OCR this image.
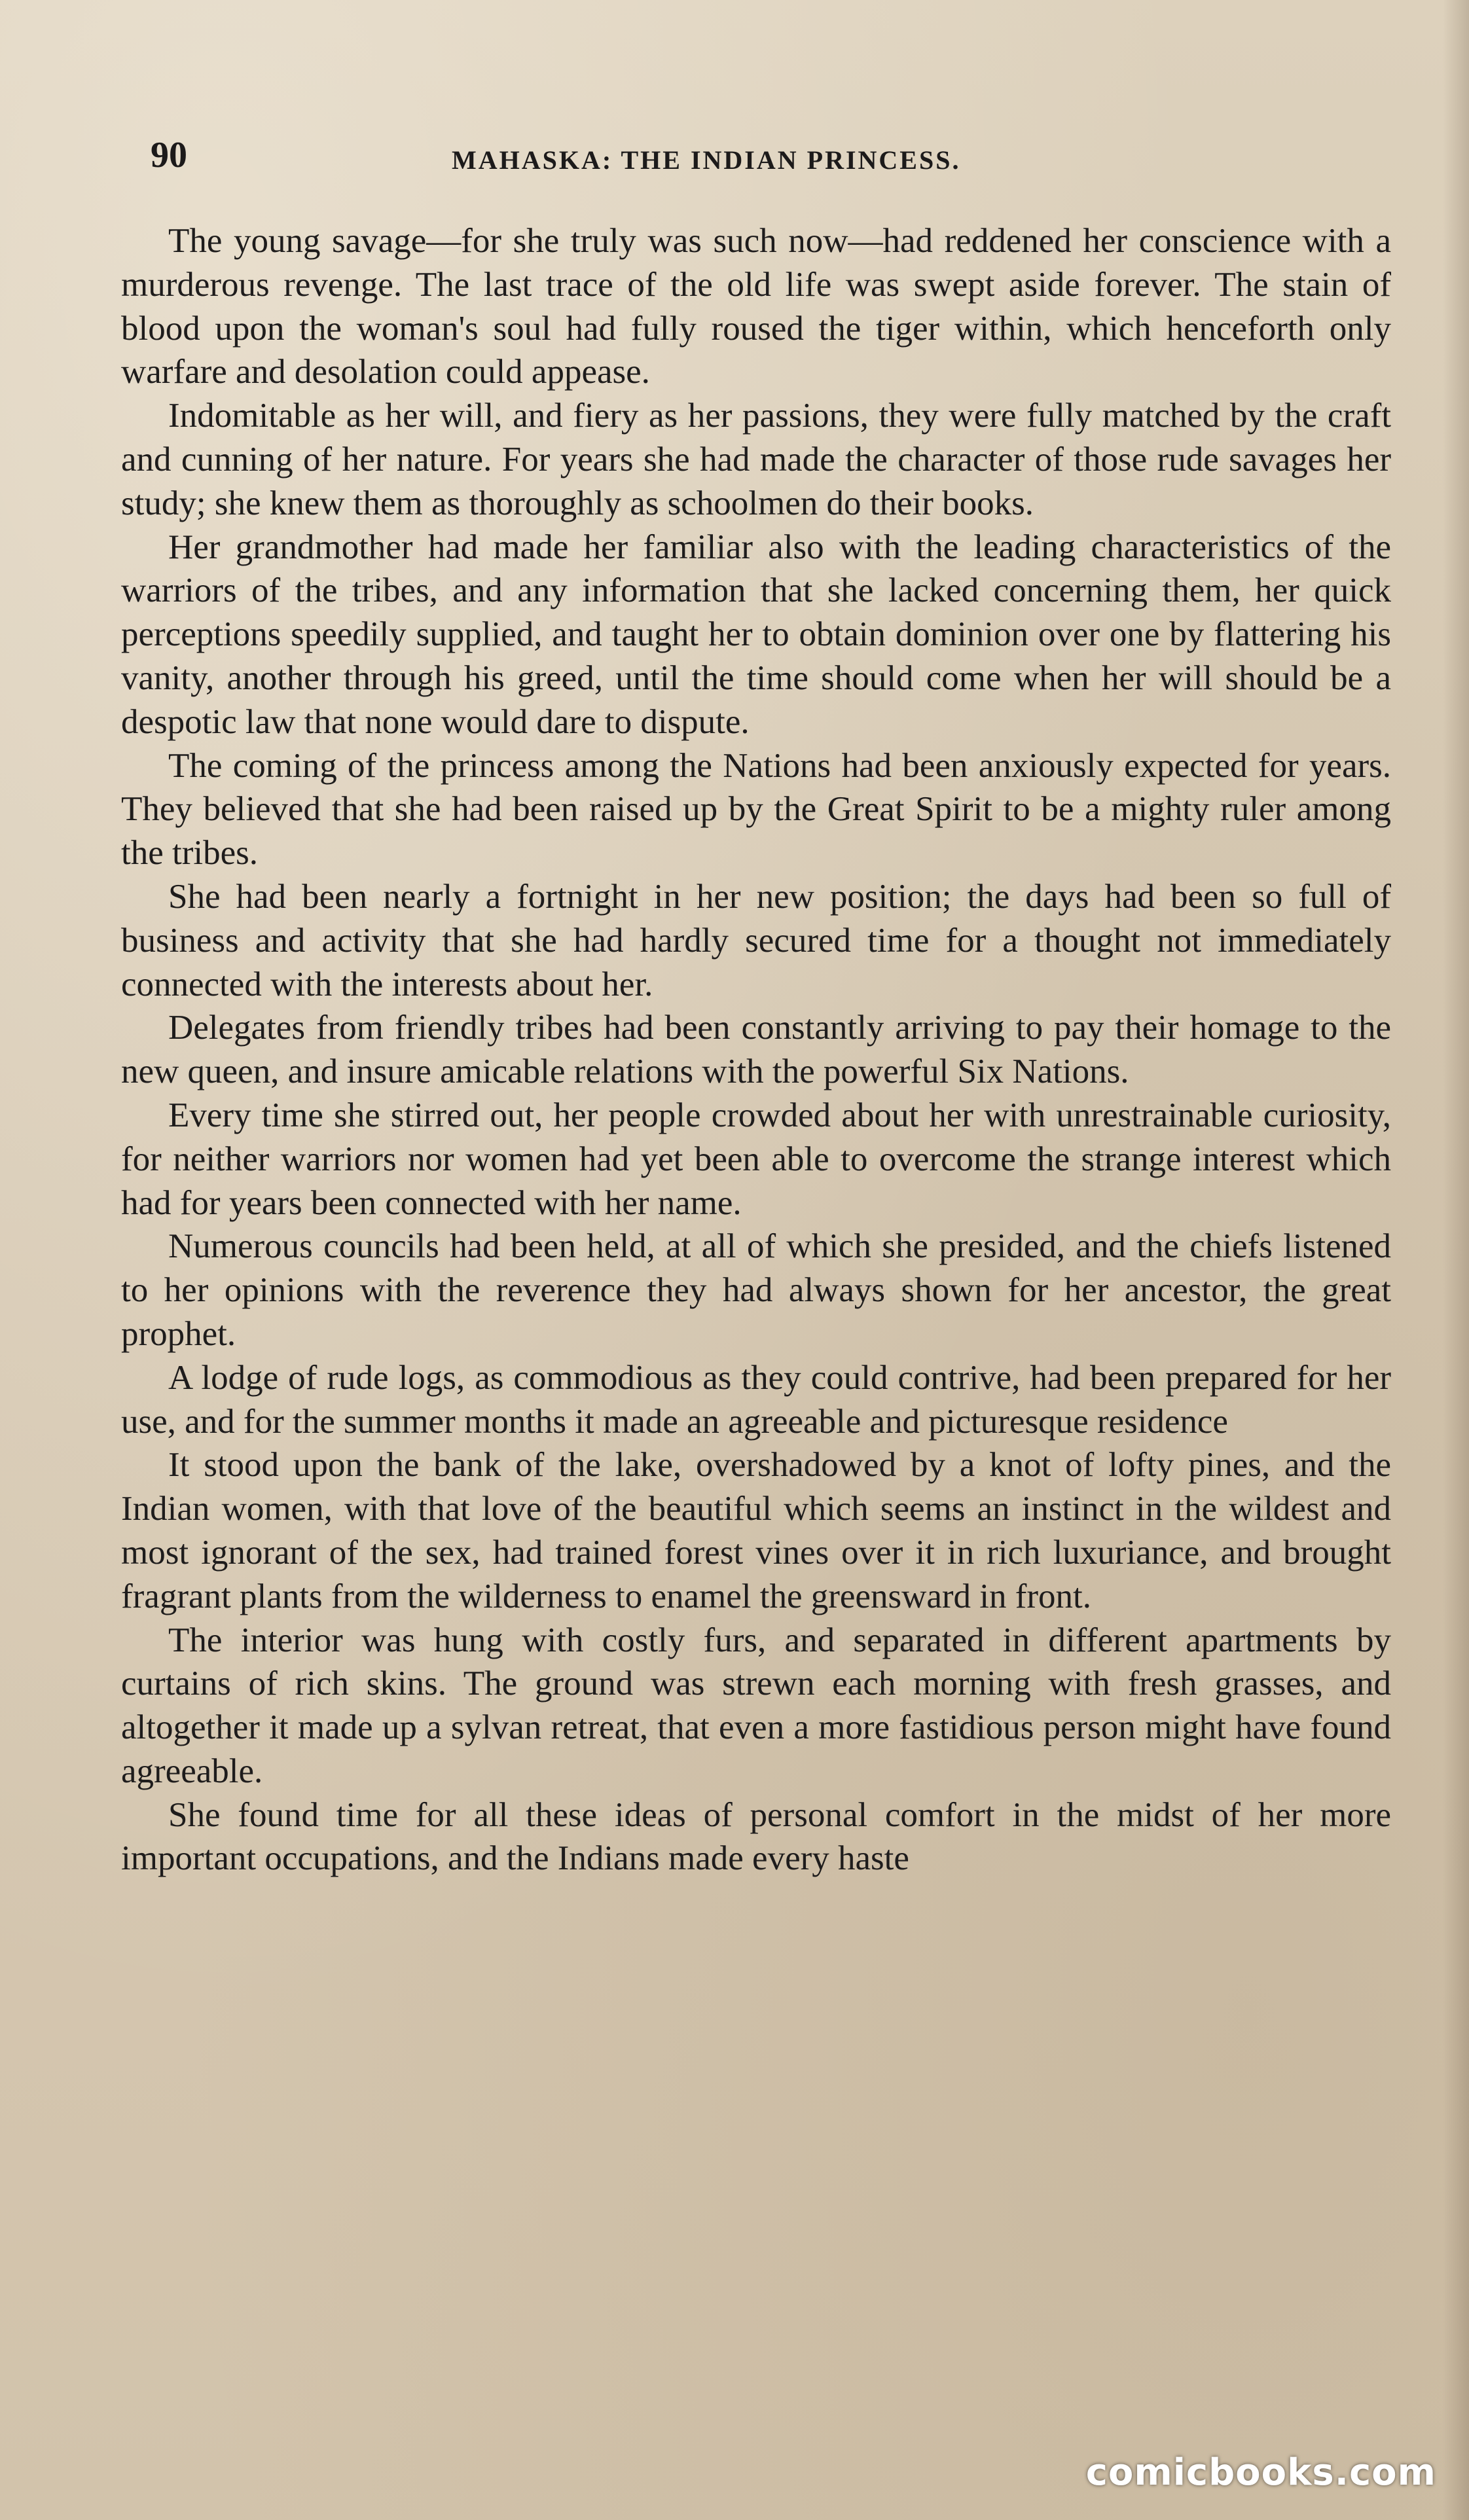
90	MAHASKA: THE INDIAN PRINCESS.

The young savage—for she truly was such now—had reddened her conscience with a murderous revenge. The last trace of the old life was swept aside forever. The stain of blood upon the woman's soul had fully roused the tiger within, which henceforth only warfare and desolation could appease.

Indomitable as her will, and fiery as her passions, they were fully matched by the craft and cunning of her nature. For years she had made the character of those rude savages her study; she knew them as thoroughly as schoolmen do their books.

Her grandmother had made her familiar also with the leading characteristics of the warriors of the tribes, and any information that she lacked concerning them, her quick perceptions speedily supplied, and taught her to obtain dominion over one by flattering his vanity, another through his greed, until the time should come when her will should be a despotic law that none would dare to dispute.

The coming of the princess among the Nations had been anxiously expected for years. They believed that she had been raised up by the Great Spirit to be a mighty ruler among the tribes.

She had been nearly a fortnight in her new position; the days had been so full of business and activity that she had hardly secured time for a thought not immediately connected with the interests about her.

Delegates from friendly tribes had been constantly arriving to pay their homage to the new queen, and insure amicable relations with the powerful Six Nations.

Every time she stirred out, her people crowded about her with unrestrainable curiosity, for neither warriors nor women had yet been able to overcome the strange interest which had for years been connected with her name.

Numerous councils had been held, at all of which she presided, and the chiefs listened to her opinions with the reverence they had always shown for her ancestor, the great prophet.

A lodge of rude logs, as commodious as they could contrive, had been prepared for her use, and for the summer months it made an agreeable and picturesque residence

It stood upon the bank of the lake, overshadowed by a knot of lofty pines, and the Indian women, with that love of the beautiful which seems an instinct in the wildest and most ignorant of the sex, had trained forest vines over it in rich luxuriance, and brought fragrant plants from the wilderness to enamel the greensward in front.

The interior was hung with costly furs, and separated in different apartments by curtains of rich skins. The ground was strewn each morning with fresh grasses, and altogether it made up a sylvan retreat, that even a more fastidious person might have found agreeable.

She found time for all these ideas of personal comfort in the midst of her more important occupations, and the Indians made every haste

comicbooks.com
